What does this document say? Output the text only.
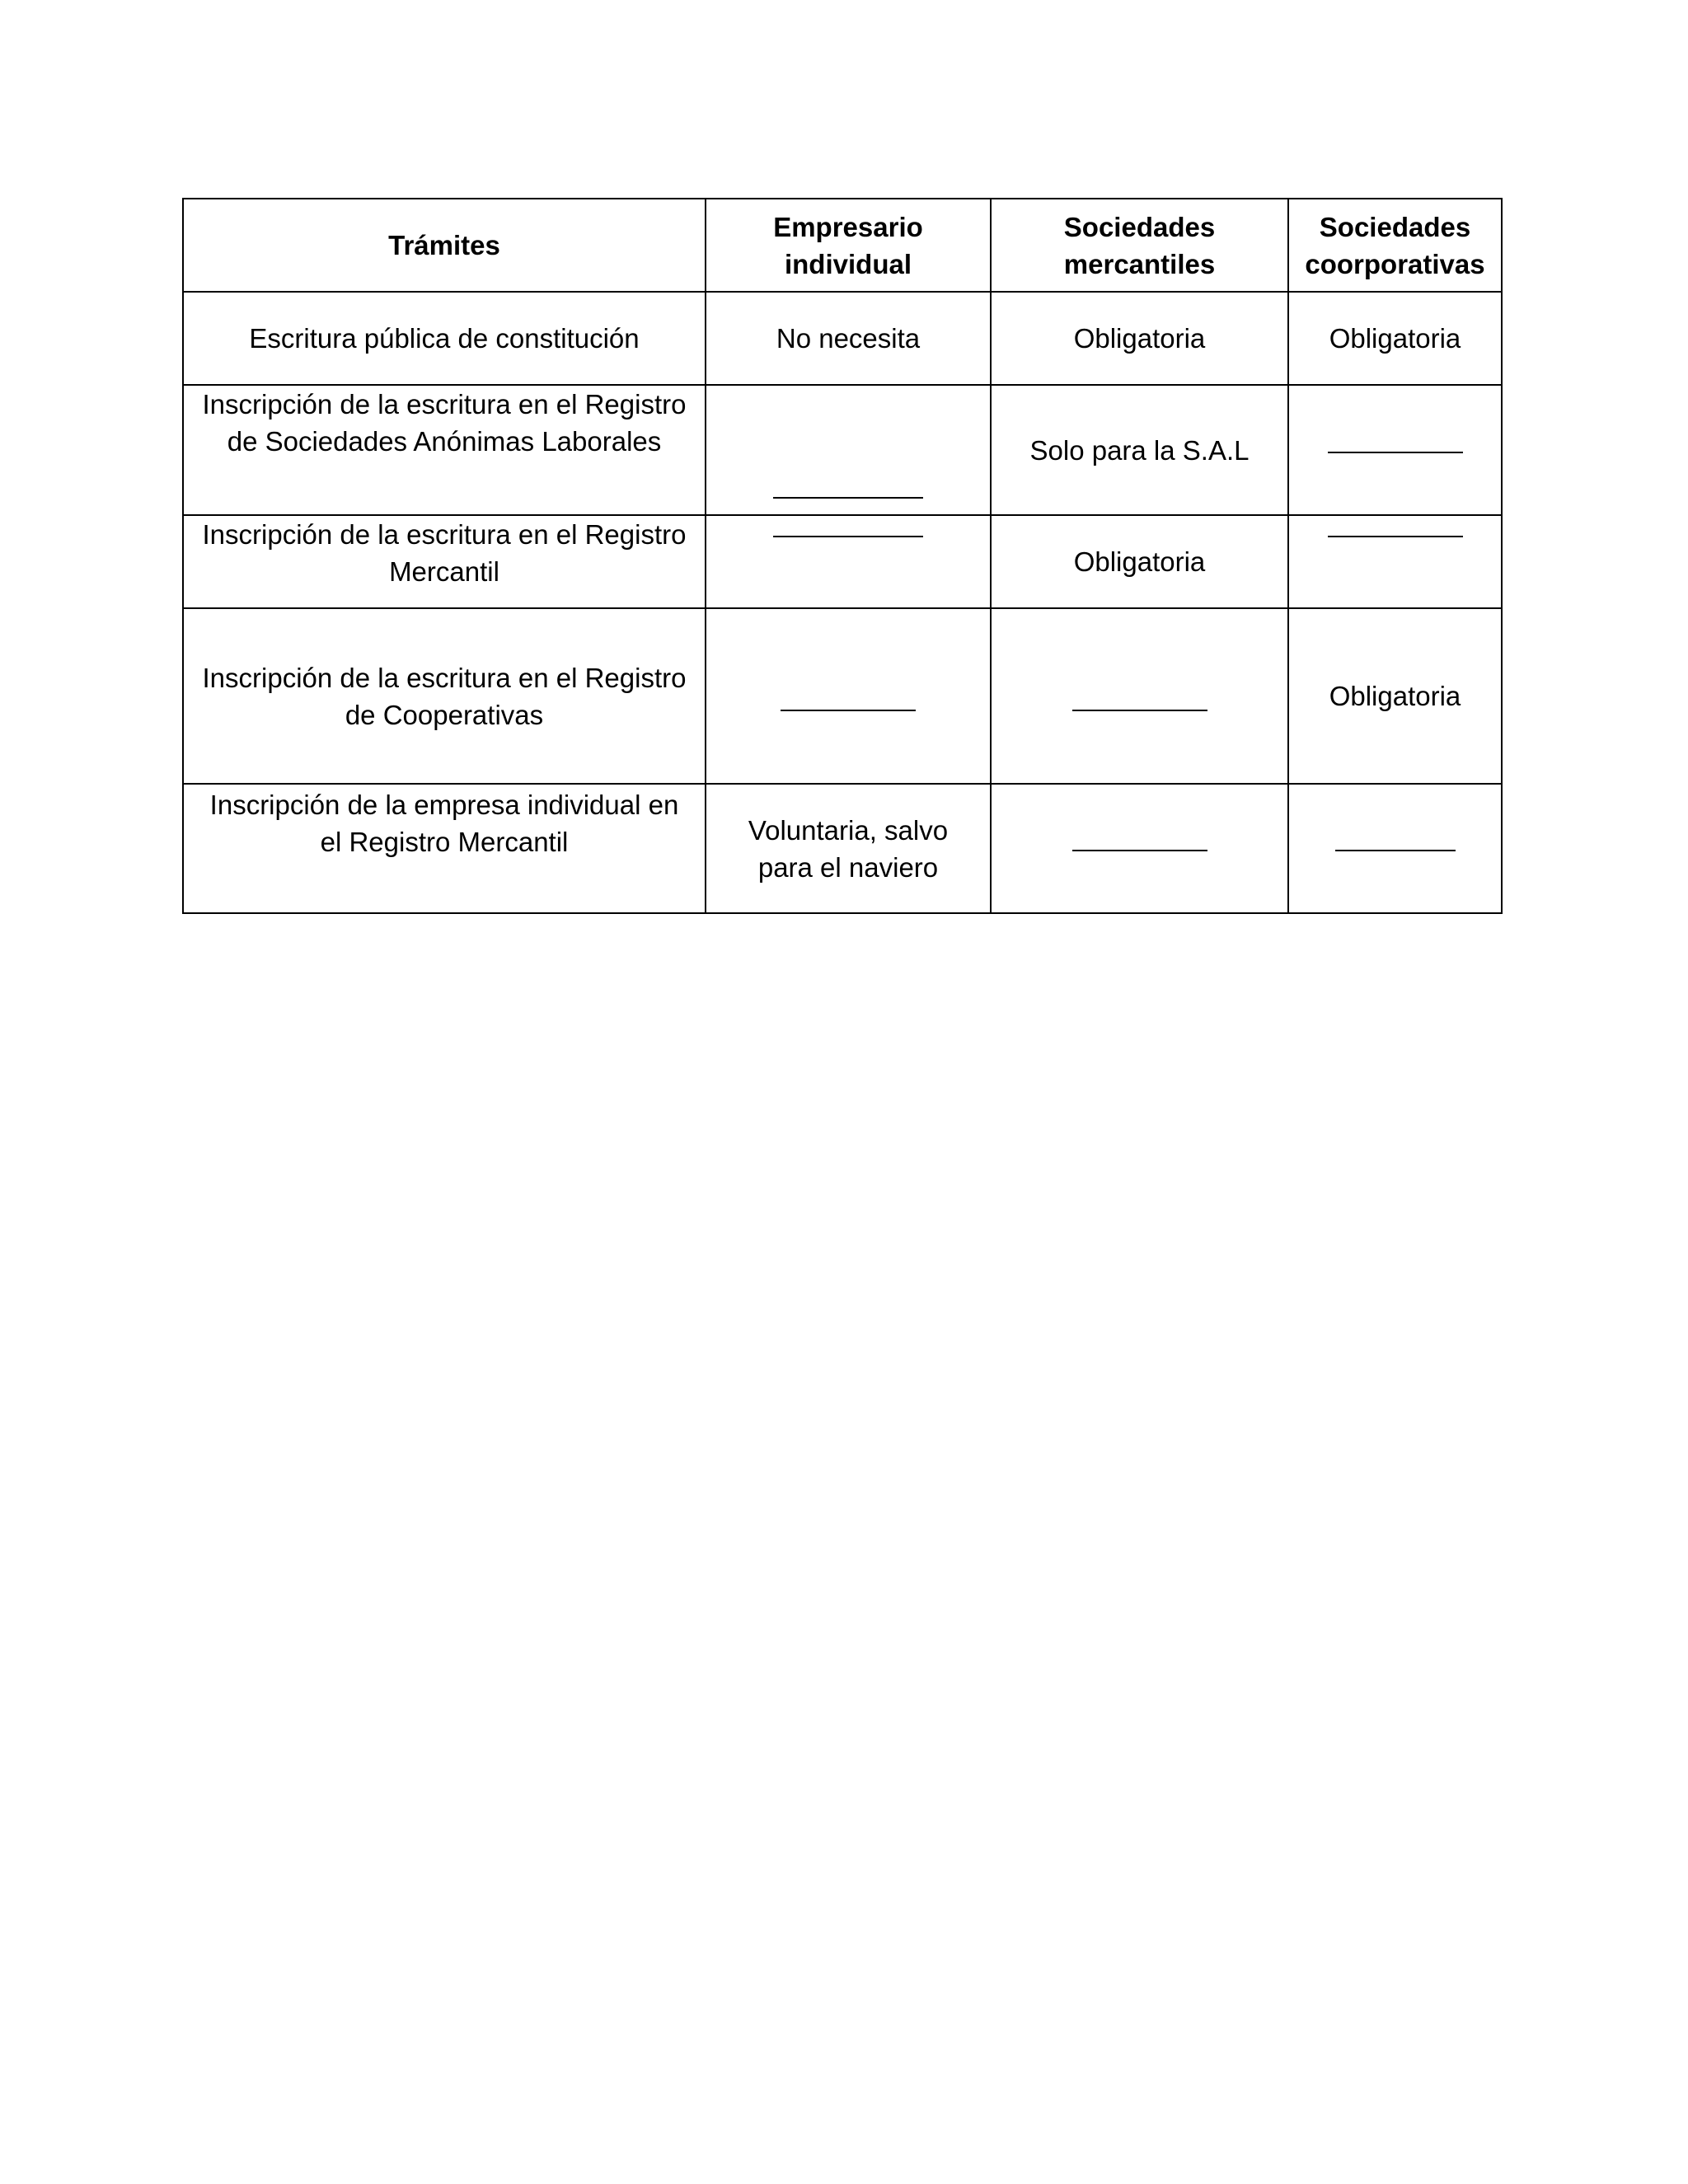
Trámites	Empresario individual	Sociedades mercantiles	Sociedades coorporativas
Escritura pública de constitución	No necesita	Obligatoria	Obligatoria
Inscripción de la escritura en el Registro de Sociedades Anónimas Laborales		Solo para la S.A.L	
Inscripción de la escritura en el Registro Mercantil		Obligatoria	
Inscripción de la escritura en el Registro de Cooperativas			Obligatoria
Inscripción de la empresa individual en el Registro Mercantil	Voluntaria, salvo para el naviero		
